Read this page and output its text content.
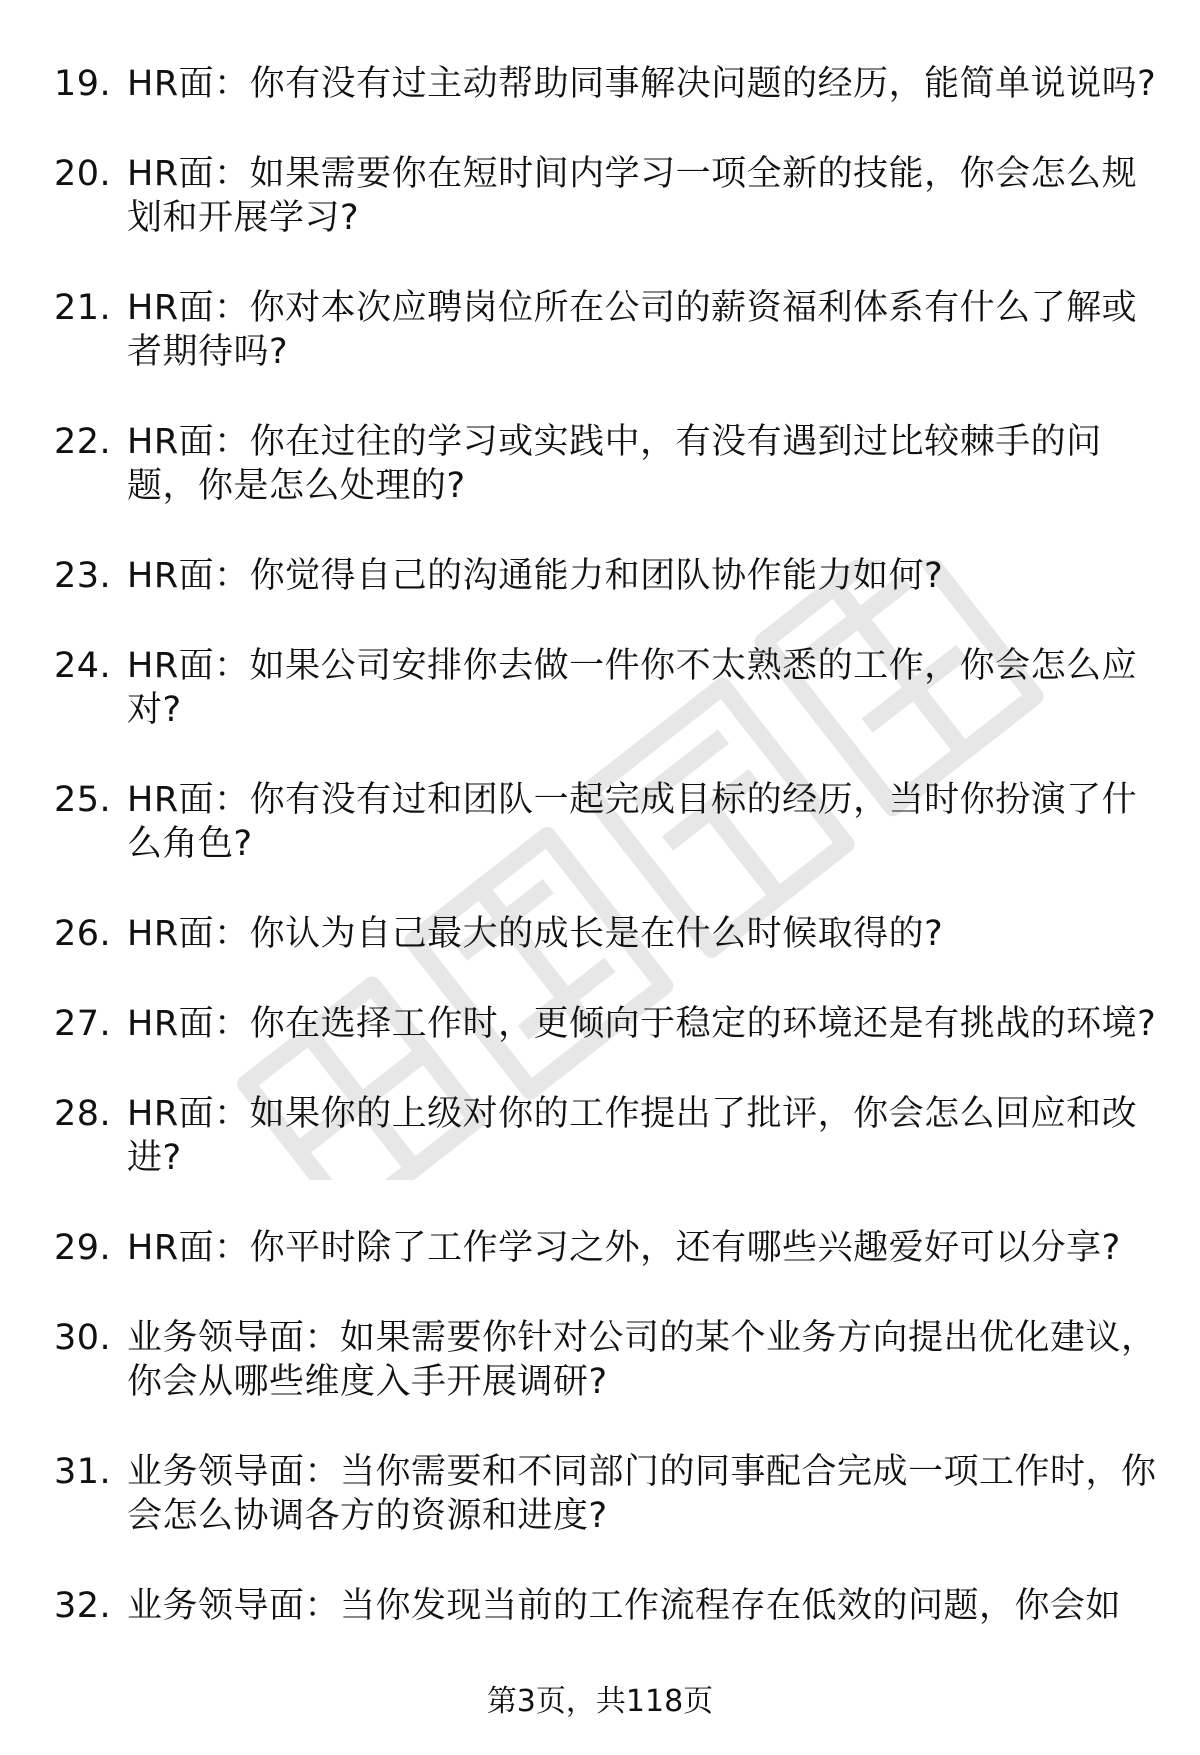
19. HR面：你有没有过主动帮助同事解决问题的经历，能简单说说吗?
20. HR面：如果需要你在短时间内学习一项全新的技能，你会怎么规划和开展学习?
21. HR面：你对本次应聘岗位所在公司的薪资福利体系有什么了解或者期待吗?
22. HR面：你在过往的学习或实践中，有没有遇到过比较棘手的问题，你是怎么处理的?
23. HR面：你觉得自己的沟通能力和团队协作能力如何?
24. HR面：如果公司安排你去做一件你不太熟悉的工作，你会怎么应对?
25. HR面：你有没有过和团队一起完成目标的经历，当时你扮演了什么角色?
26. HR面：你认为自己最大的成长是在什么时候取得的?
27. HR面：你在选择工作时，更倾向于稳定的环境还是有挑战的环境?
28. HR面：如果你的上级对你的工作提出了批评，你会怎么回应和改进?
29. HR面：你平时除了工作学习之外，还有哪些兴趣爱好可以分享?
30. 业务领导面：如果需要你针对公司的某个业务方向提出优化建议，你会从哪些维度入手开展调研?
31. 业务领导面：当你需要和不同部门的同事配合完成一项工作时，你会怎么协调各方的资源和进度?
32. 业务领导面：当你发现当前的工作流程存在低效的问题，你会如
第3页，共118页
